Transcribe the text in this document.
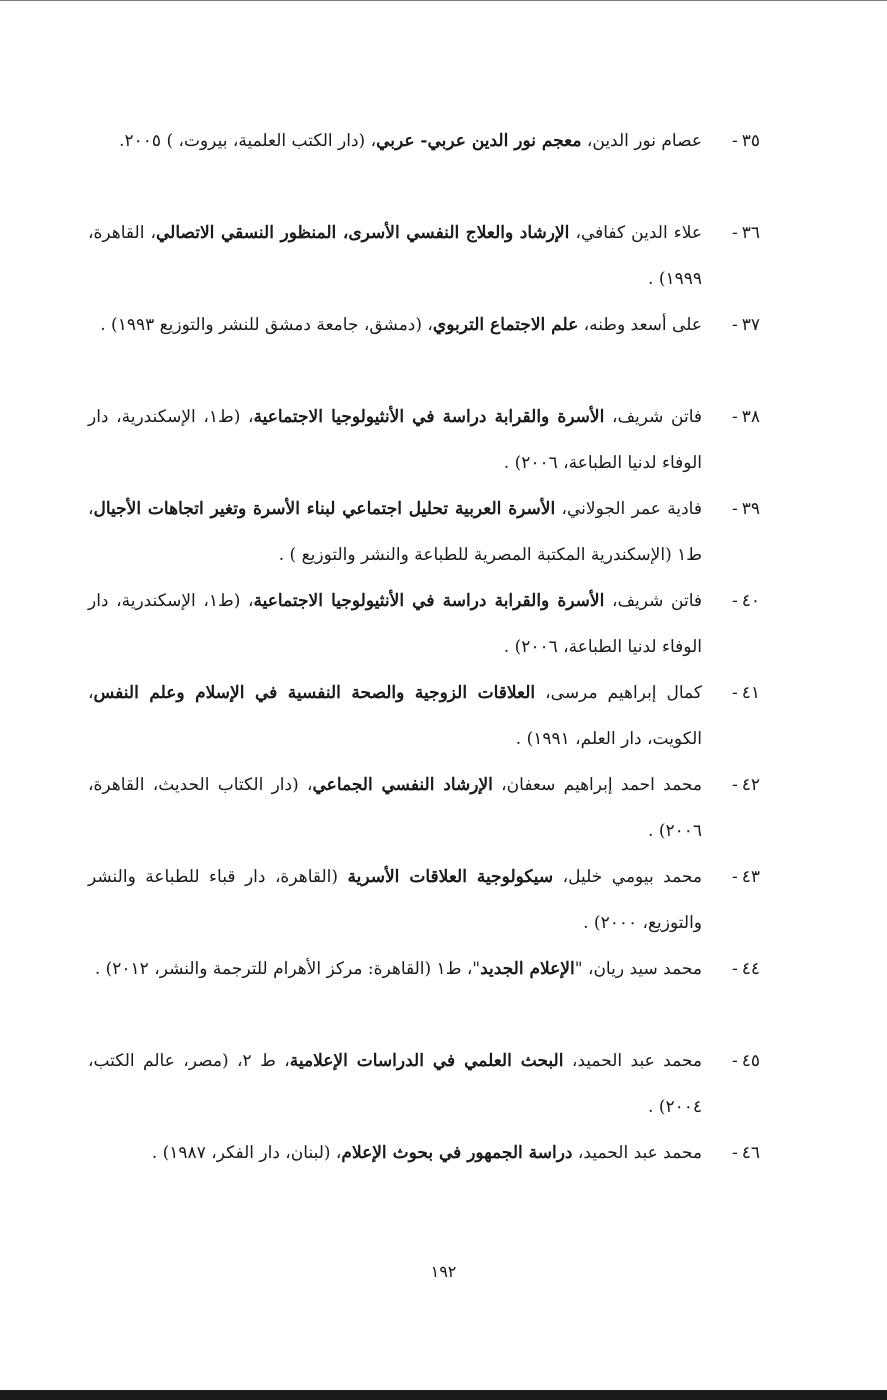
٣٥-
عصام نور الدين، معجم نور الدين عربي- عربي، (دار الكتب العلمية، بيروت، ) ٢٠٠٥.
٣٦-
علاء الدين كفافي، الإرشاد والعلاج النفسي الأسرى، المنظور النسقي الاتصالي، القاهرة، ١٩٩٩) .
٣٧-
على أسعد وطنه، علم الاجتماع التربوي، (دمشق، جامعة دمشق للنشر والتوزيع ١٩٩٣) .
٣٨-
فاتن شريف، الأسرة والقرابة دراسة في الأنثيولوجيا الاجتماعية، (ط١، الإسكندرية، دار الوفاء لدنيا الطباعة، ٢٠٠٦) .
٣٩-
فادية عمر الجولاني، الأسرة العربية تحليل اجتماعي لبناء الأسرة وتغير اتجاهات الأجيال، ط١ (الإسكندرية المكتبة المصرية للطباعة والنشر والتوزيع ) .
٤٠-
فاتن شريف، الأسرة والقرابة دراسة في الأنثيولوجيا الاجتماعية، (ط١، الإسكندرية، دار الوفاء لدنيا الطباعة، ٢٠٠٦) .
٤١-
كمال إبراهيم مرسى، العلاقات الزوجية والصحة النفسية في الإسلام وعلم النفس، الكويت، دار العلم، ١٩٩١) .
٤٢-
محمد احمد إبراهيم سعفان، الإرشاد النفسي الجماعي، (دار الكتاب الحديث، القاهرة، ٢٠٠٦) .
٤٣-
محمد بيومي خليل، سيكولوجية العلاقات الأسرية (القاهرة، دار قباء للطباعة والنشر والتوزيع، ٢٠٠٠) .
٤٤-
محمد سيد ريان، "الإعلام الجديد"، ط١ (القاهرة: مركز الأهرام للترجمة والنشر، ٢٠١٢) .
٤٥-
محمد عبد الحميد، البحث العلمي في الدراسات الإعلامية، ط ٢، (مصر، عالم الكتب، ٢٠٠٤) .
٤٦-
محمد عبد الحميد، دراسة الجمهور في بحوث الإعلام، (لبنان، دار الفكر، ١٩٨٧) .
١٩٢
